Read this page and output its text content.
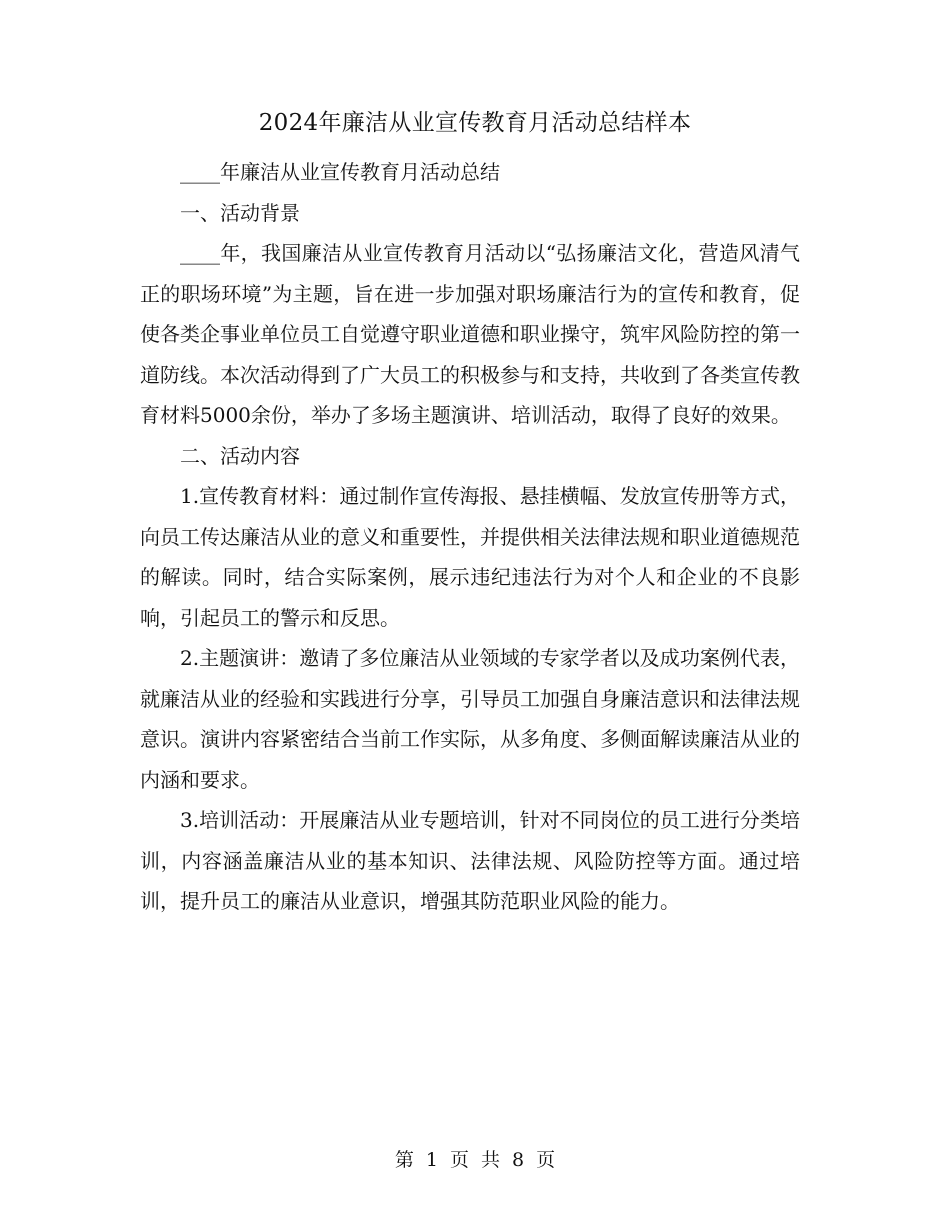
2024年廉洁从业宣传教育月活动总结样本

____年廉洁从业宣传教育月活动总结

一、活动背景

____年，我国廉洁从业宣传教育月活动以“弘扬廉洁文化，营造风清气正的职场环境”为主题，旨在进一步加强对职场廉洁行为的宣传和教育，促使各类企事业单位员工自觉遵守职业道德和职业操守，筑牢风险防控的第一道防线。本次活动得到了广大员工的积极参与和支持，共收到了各类宣传教育材料5000余份，举办了多场主题演讲、培训活动，取得了良好的效果。

二、活动内容

1.宣传教育材料：通过制作宣传海报、悬挂横幅、发放宣传册等方式，向员工传达廉洁从业的意义和重要性，并提供相关法律法规和职业道德规范的解读。同时，结合实际案例，展示违纪违法行为对个人和企业的不良影响，引起员工的警示和反思。

2.主题演讲：邀请了多位廉洁从业领域的专家学者以及成功案例代表，就廉洁从业的经验和实践进行分享，引导员工加强自身廉洁意识和法律法规意识。演讲内容紧密结合当前工作实际，从多角度、多侧面解读廉洁从业的内涵和要求。

3.培训活动：开展廉洁从业专题培训，针对不同岗位的员工进行分类培训，内容涵盖廉洁从业的基本知识、法律法规、风险防控等方面。通过培训，提升员工的廉洁从业意识，增强其防范职业风险的能力。

第 1 页 共 8 页
